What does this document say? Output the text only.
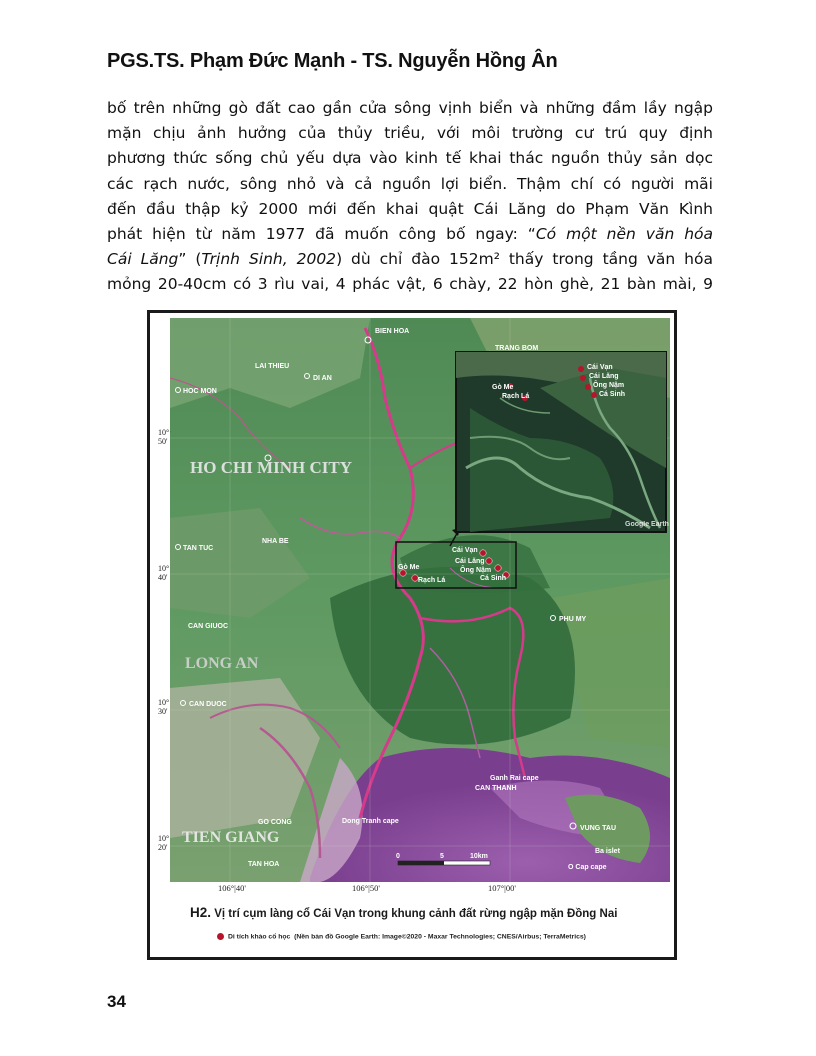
PGS.TS. Phạm Đức Mạnh - TS. Nguyễn Hồng Ân
bố trên những gò đất cao gần cửa sông vịnh biển và những đầm lầy ngập
mặn chịu ảnh hưởng của thủy triều, với môi trường cư trú quy định
phương thức sống chủ yếu dựa vào kinh tế khai thác nguồn thủy sản dọc
các rạch nước, sông nhỏ và cả nguồn lợi biển. Thậm chí có người mãi
đến đầu thập kỷ 2000 mới đến khai quật Cái Lăng do Phạm Văn Kình
phát hiện từ năm 1977 đã muốn công bố ngay: “Có một nền văn hóa
Cái Lăng” (Trịnh Sinh, 2002) dù chỉ đào 152m² thấy trong tầng văn hóa
mỏng 20-40cm có 3 rìu vai, 4 phác vật, 6 chày, 22 hòn ghè, 21 bàn mài, 9
BIEN HOA
TRANG BOM
LAI THIEU
DI AN
HOC MON
HO CHI MINH CITY
NHA BE
TAN TUC
CAN GIUOC
LONG AN
CAN DUOC
PHU MY
Ganh Rai cape
CAN THANH
Dong Tranh cape
VUNG TAU
Ba islet
O Cap cape
GO CONG
TIEN GIANG
TAN HOA
0	5	10km
Cái Vạn
Cái Lăng
Ông Nậm
Cá Sinh
Gò Me
Rạch Lá
Cái Vạn
Cái Lăng
Ông Nậm
Cá Sinh
Gò Me
Rạch Lá
Google Earth
10°
50'
10°
40'
10°
30'
10°
20'
106°|40'	106°|50'	107°|00'
H2. Vị trí cụm làng cổ Cái Vạn trong khung cảnh đất rừng ngập mặn Đồng Nai
Di tích khảo cổ học (Nền bản đồ Google Earth: Image©2020 - Maxar Technologies; CNES/Airbus; TerraMetrics)
34
